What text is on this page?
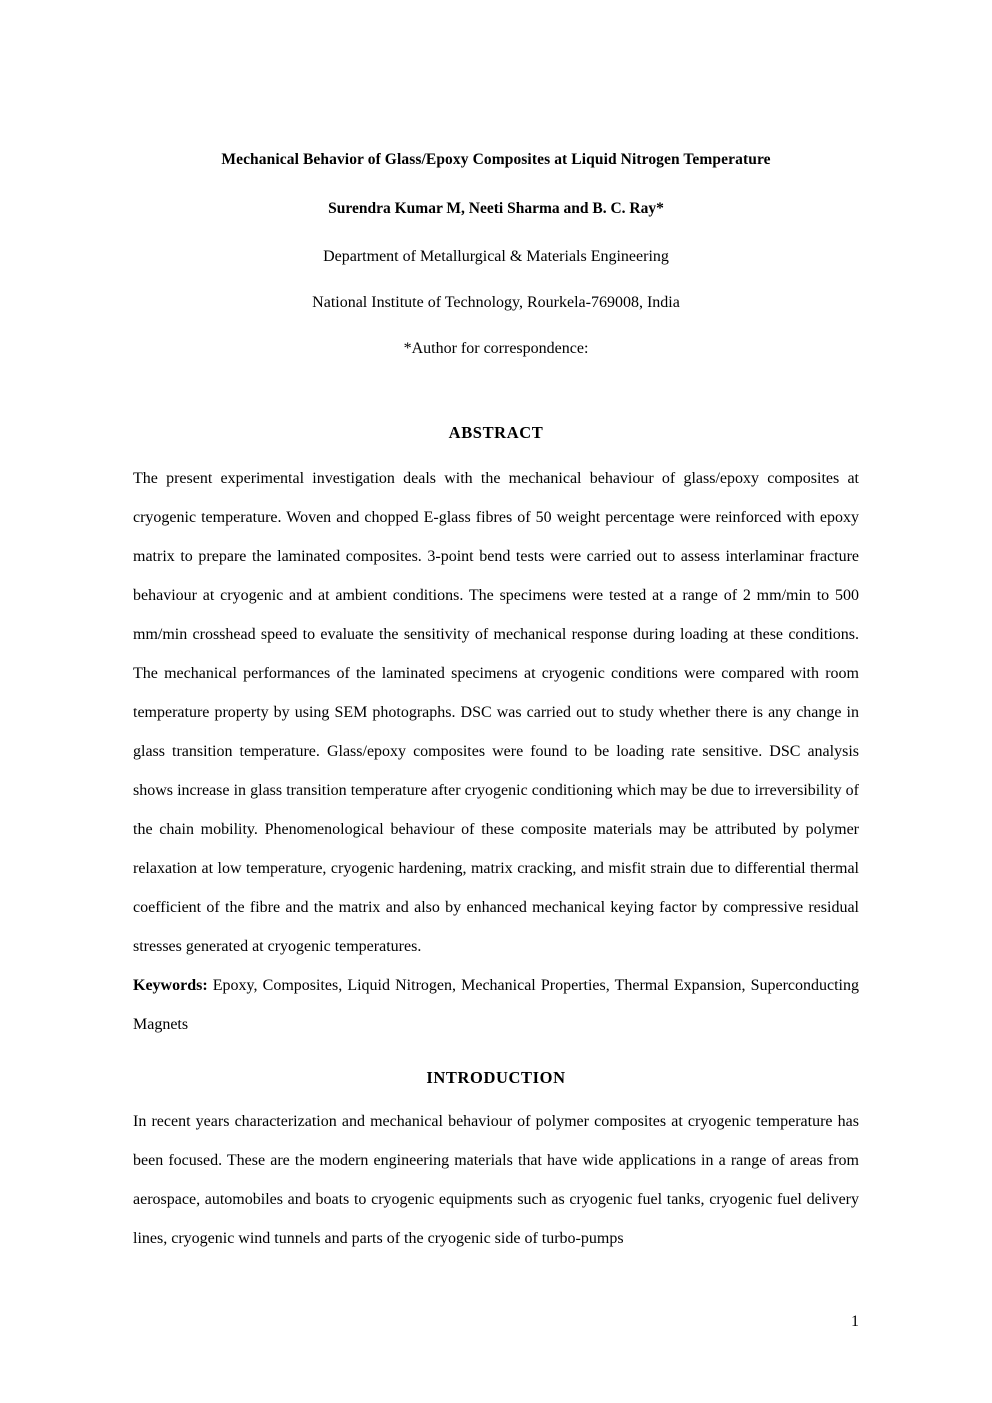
Mechanical Behavior of Glass/Epoxy Composites at Liquid Nitrogen Temperature
Surendra Kumar M, Neeti Sharma and B. C. Ray*
Department of Metallurgical & Materials Engineering
National Institute of Technology, Rourkela-769008, India
*Author for correspondence:
ABSTRACT

The present experimental investigation deals with the mechanical behaviour of glass/epoxy composites at cryogenic temperature. Woven and chopped E-glass fibres of 50 weight percentage were reinforced with epoxy matrix to prepare the laminated composites. 3-point bend tests were carried out to assess interlaminar fracture behaviour at cryogenic and at ambient conditions. The specimens were tested at a range of 2 mm/min to 500 mm/min crosshead speed to evaluate the sensitivity of mechanical response during loading at these conditions. The mechanical performances of the laminated specimens at cryogenic conditions were compared with room temperature property by using SEM photographs. DSC was carried out to study whether there is any change in glass transition temperature. Glass/epoxy composites were found to be loading rate sensitive. DSC analysis shows increase in glass transition temperature after cryogenic conditioning which may be due to irreversibility of the chain mobility. Phenomenological behaviour of these composite materials may be attributed by polymer relaxation at low temperature, cryogenic hardening, matrix cracking, and misfit strain due to differential thermal coefficient of the fibre and the matrix and also by enhanced mechanical keying factor by compressive residual stresses generated at cryogenic temperatures.

Keywords: Epoxy, Composites, Liquid Nitrogen, Mechanical Properties, Thermal Expansion, Superconducting Magnets

INTRODUCTION

In recent years characterization and mechanical behaviour of polymer composites at cryogenic temperature has been focused. These are the modern engineering materials that have wide applications in a range of areas from aerospace, automobiles and boats to cryogenic equipments such as cryogenic fuel tanks, cryogenic fuel delivery lines, cryogenic wind tunnels and parts of the cryogenic side of turbo-pumps

1
